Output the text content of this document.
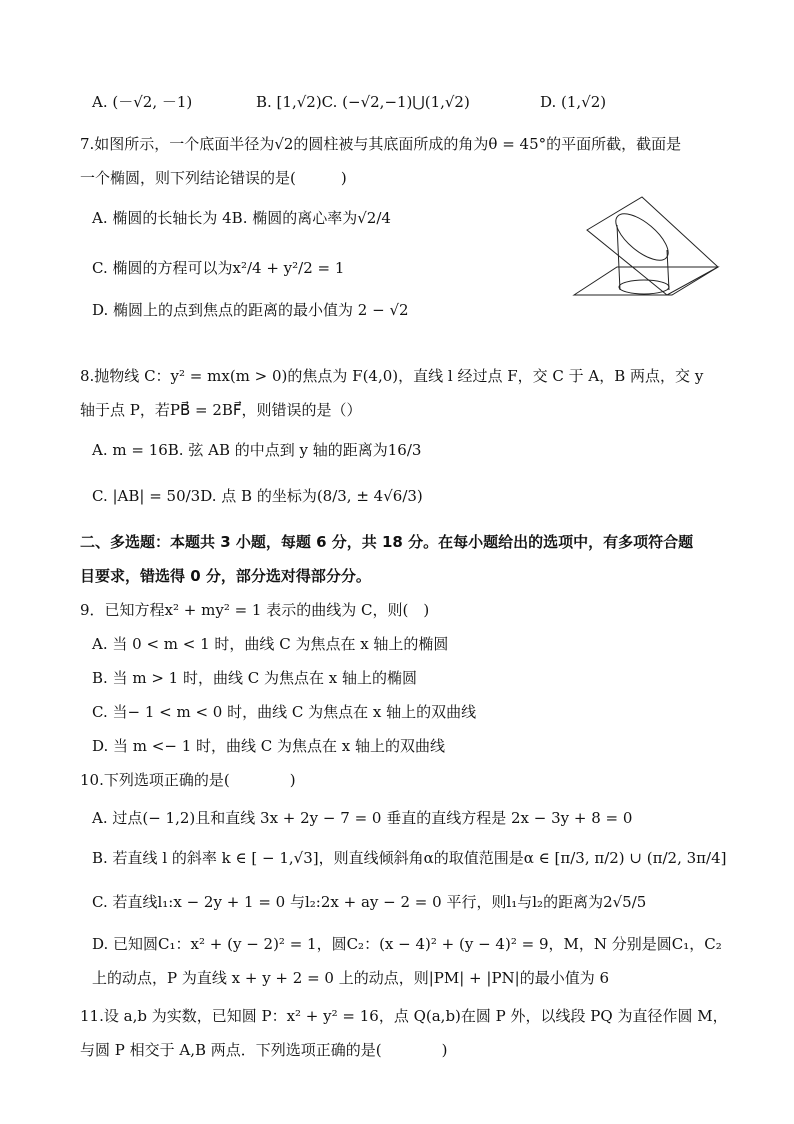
A. (－√2, －1)	B. [1,√2)C. (−√2,−1)⋃(1,√2)	D. (1,√2)
7.如图所示，一个底面半径为√2的圆柱被与其底面所成的角为θ = 45°的平面所截，截面是
一个椭圆，则下列结论错误的是(　　　)
A. 椭圆的长轴长为 4B. 椭圆的离心率为√2/4
C. 椭圆的方程可以为x²/4 + y²/2 = 1
D. 椭圆上的点到焦点的距离的最小值为 2 − √2
8.抛物线 C：y² = mx(m > 0)的焦点为 F(4,0)，直线 l 经过点 F，交 C 于 A，B 两点，交 y
轴于点 P，若PB⃗ = 2BF⃗，则错误的是（）
A. m = 16B. 弦 AB 的中点到 y 轴的距离为16/3
C. |AB| = 50/3D. 点 B 的坐标为(8/3, ± 4√6/3)
二、多选题：本题共 3 小题，每题 6 分，共 18 分。在每小题给出的选项中，有多项符合题
目要求，错选得 0 分，部分选对得部分分。
9．已知方程x² + my² = 1 表示的曲线为 C，则(　)
A. 当 0 < m < 1 时，曲线 C 为焦点在 x 轴上的椭圆
B. 当 m > 1 时，曲线 C 为焦点在 x 轴上的椭圆
C. 当− 1 < m < 0 时，曲线 C 为焦点在 x 轴上的双曲线
D. 当 m <− 1 时，曲线 C 为焦点在 x 轴上的双曲线
10.下列选项正确的是(　　　　)
A. 过点(− 1,2)且和直线 3x + 2y − 7 = 0 垂直的直线方程是 2x − 3y + 8 = 0
B. 若直线 l 的斜率 k ∈ [ − 1,√3]，则直线倾斜角α的取值范围是α ∈ [π/3, π/2) ∪ (π/2, 3π/4]
C. 若直线l₁:x − 2y + 1 = 0 与l₂:2x + ay − 2 = 0 平行，则l₁与l₂的距离为2√5/5
D. 已知圆C₁：x² + (y − 2)² = 1，圆C₂：(x − 4)² + (y − 4)² = 9，M，N 分别是圆C₁，C₂
上的动点，P 为直线 x + y + 2 = 0 上的动点，则|PM| + |PN|的最小值为 6
11.设 a,b 为实数，已知圆 P：x² + y² = 16，点 Q(a,b)在圆 P 外，以线段 PQ 为直径作圆 M，
与圆 P 相交于 A,B 两点．下列选项正确的是(　　　　)
